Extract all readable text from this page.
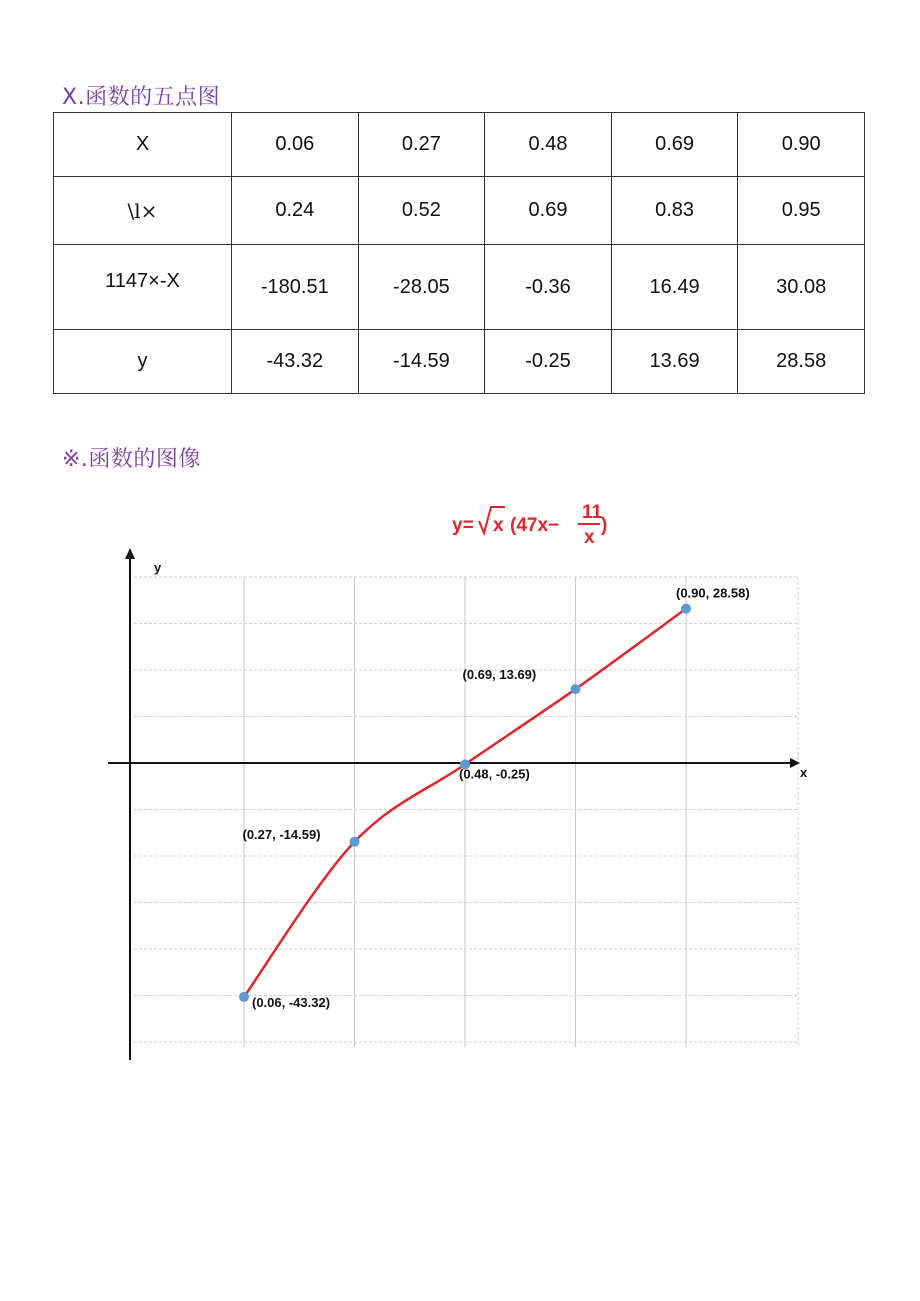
X.函数的五点图
X	0.06	0.27	0.48	0.69	0.90
\l×	0.24	0.52	0.69	0.83	0.95
1147×-X	-180.51	-28.05	-0.36	16.49	30.08
y	-43.32	-14.59	-0.25	13.69	28.58
※.函数的图像
y= x (47x−
11
x
)
x
y
(0.06, -43.32)
(0.27, -14.59)
(0.48, -0.25)
(0.69, 13.69)
(0.90, 28.58)
